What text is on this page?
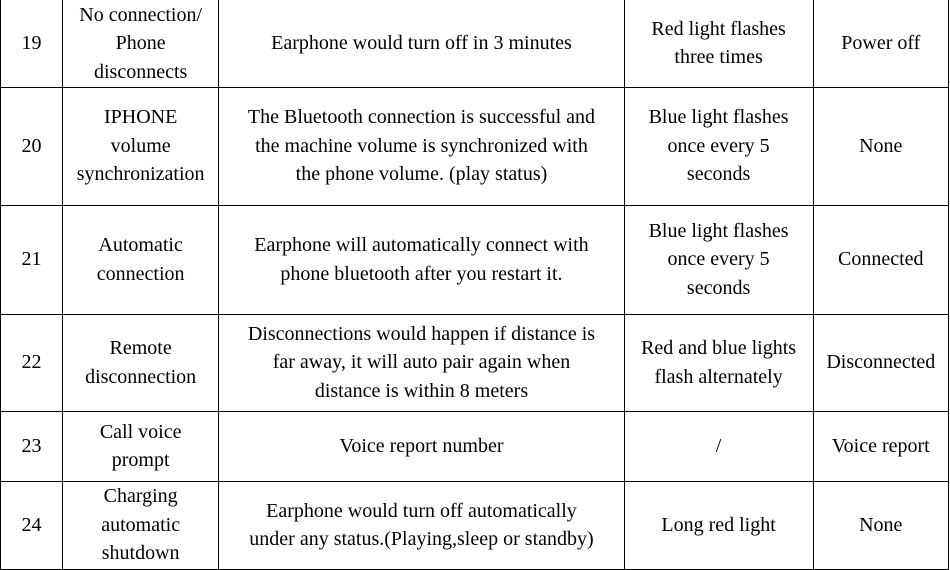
19	No connection/
Phone
disconnects	Earphone would turn off in 3 minutes	Red light flashes
three times	Power off
20	IPHONE
volume
synchronization	The Bluetooth connection is successful and
the machine volume is synchronized with
the phone volume. (play status)	Blue light flashes
once every 5
seconds	None
21	Automatic
connection	Earphone will automatically connect with
phone bluetooth after you restart it.	Blue light flashes
once every 5
seconds	Connected
22	Remote
disconnection	Disconnections would happen if distance is
far away, it will auto pair again when
distance is within 8 meters	Red and blue lights
flash alternately	Disconnected
23	Call voice
prompt	Voice report number	/	Voice report
24	Charging
automatic
shutdown	Earphone would turn off automatically
under any status.(Playing,sleep or standby)	Long red light	None
